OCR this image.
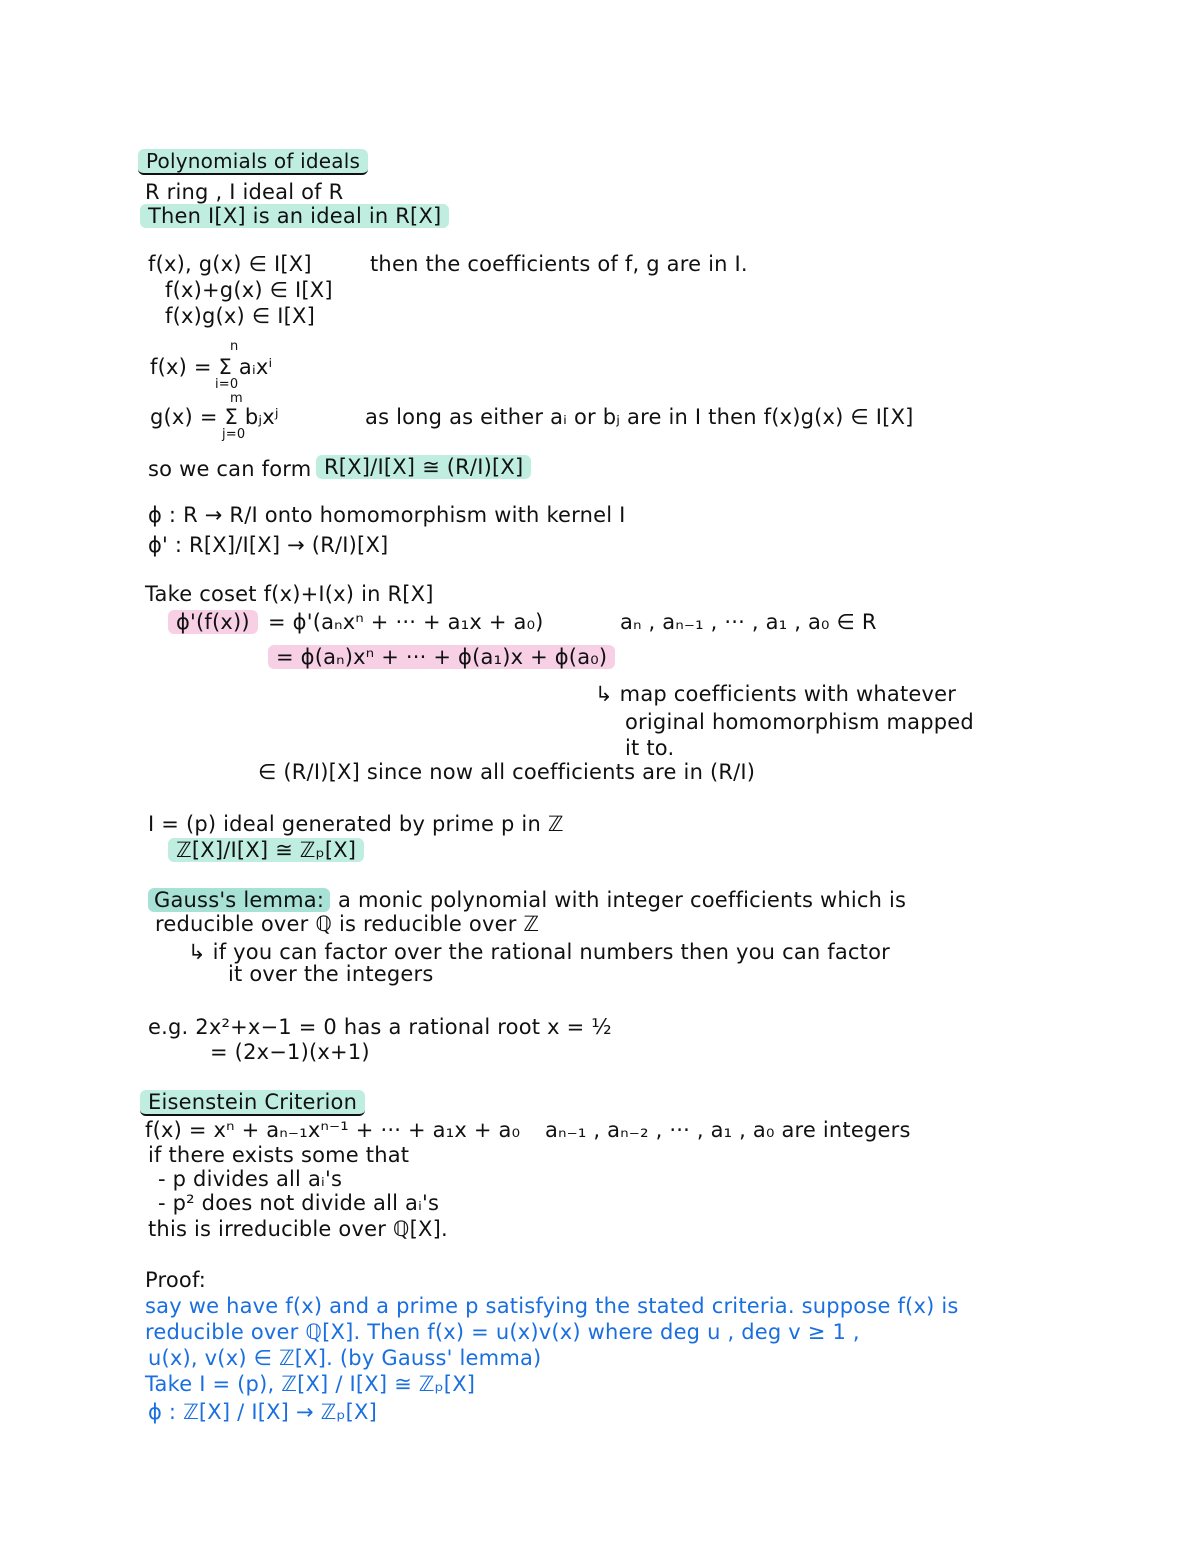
Polynomials of ideals
R ring , I ideal of R
Then I[X] is an ideal in R[X]
f(x), g(x) ∈ I[X]	then the coefficients of f, g are in I.
f(x)+g(x) ∈ I[X]
f(x)g(x) ∈ I[X]
n
f(x) = Σ aᵢxⁱ
i=0
m
g(x) = Σ bⱼxʲ
j=0
as long as either aᵢ or bⱼ are in I then f(x)g(x) ∈ I[X]
so we can form R[X]/I[X] ≅ (R/I)[X]
ϕ : R → R/I onto homomorphism with kernel I
ϕ' : R[X]/I[X] → (R/I)[X]
Take coset f(x)+I(x) in R[X]
ϕ'(f(x)) = ϕ'(aₙxⁿ + ··· + a₁x + a₀)	aₙ , aₙ₋₁ , ··· , a₁ , a₀ ∈ R
= ϕ(aₙ)xⁿ + ··· + ϕ(a₁)x + ϕ(a₀)
↳ map coefficients with whatever
original homomorphism mapped
it to.
∈ (R/I)[X] since now all coefficients are in (R/I)
I = (p) ideal generated by prime p in ℤ
ℤ[X]/I[X] ≅ ℤₚ[X]
Gauss's lemma: a monic polynomial with integer coefficients which is
reducible over ℚ is reducible over ℤ
↳ if you can factor over the rational numbers then you can factor
it over the integers
e.g. 2x²+x−1 = 0 has a rational root x = ½
= (2x−1)(x+1)
Eisenstein Criterion
f(x) = xⁿ + aₙ₋₁xⁿ⁻¹ + ··· + a₁x + a₀ aₙ₋₁ , aₙ₋₂ , ··· , a₁ , a₀ are integers
if there exists some that
- p divides all aᵢ's
- p² does not divide all aᵢ's
this is irreducible over ℚ[X].
Proof:
say we have f(x) and a prime p satisfying the stated criteria. suppose f(x) is
reducible over ℚ[X]. Then f(x) = u(x)v(x) where deg u , deg v ≥ 1 ,
u(x), v(x) ∈ ℤ[X]. (by Gauss' lemma)
Take I = (p), ℤ[X] / I[X] ≅ ℤₚ[X]
ϕ : ℤ[X] / I[X] → ℤₚ[X]
